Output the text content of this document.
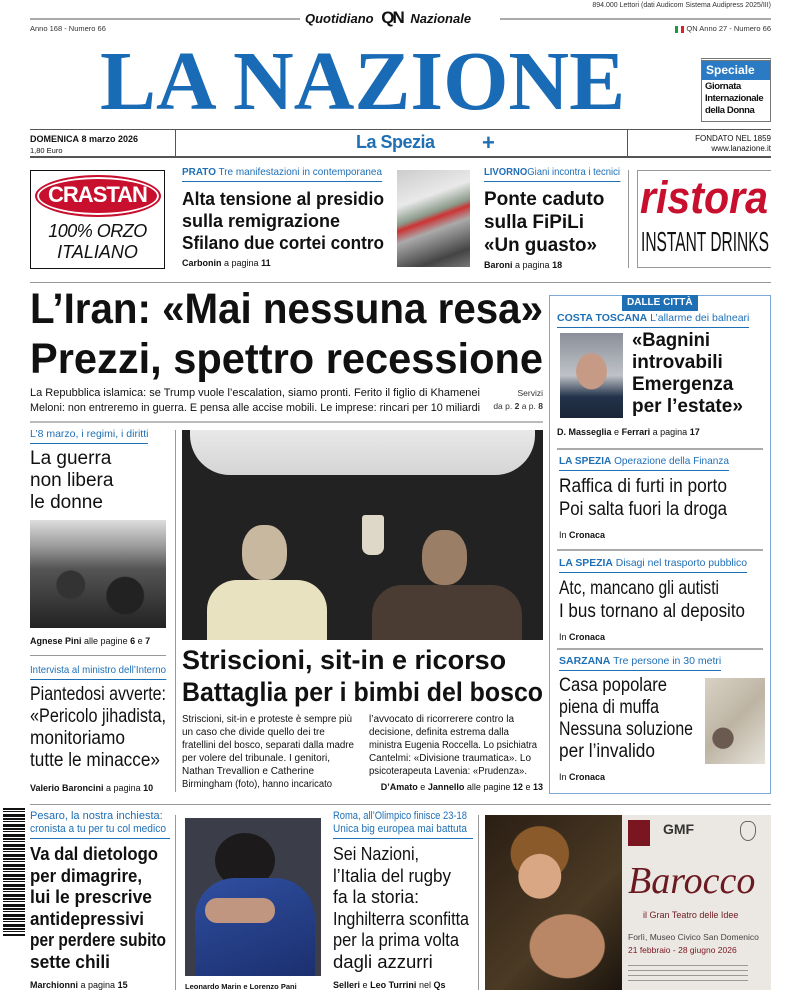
894.000 Lettori (dati Audicom Sistema Audipress 2025/III)
Quotidiano QN Nazionale
Anno 168 - Numero 66	QN Anno 27 - Numero 66
LA NAZIONE	Speciale
Giornata
Internazionale
della Donna
DOMENICA 8 marzo 2026
1,80 Euro	La Spezia +	FONDATO NEL 1859
www.lanazione.it
CRASTAN
100% ORZO
ITALIANO
PRATO Tre manifestazioni in contemporanea
Alta tensione al presidio
sulla remigrazione
Sfilano due cortei contro
Carbonin a pagina 11
LIVORNOGiani incontra i tecnici
Ponte caduto
sulla FiPiLi
«Un guasto»
Baroni a pagina 18
ristora
INSTANT DRINKS
L’Iran: «Mai nessuna resa»
Prezzi, spettro recessione
La Repubblica islamica: se Trump vuole l’escalation, siamo pronti. Ferito il figlio di Khamenei
Meloni: non entreremo in guerra. E pensa alle accise mobili. Le imprese: rincari per 10 miliardi
Servizi
da p. 2 a p. 8
L’8 marzo, i regimi, i diritti
La guerra
non libera
le donne
Agnese Pini alle pagine 6 e 7
Intervista al ministro dell’Interno
Piantedosi avverte:
«Pericolo jihadista,
monitoriamo
tutte le minacce»
Valerio Baroncini a pagina 10
Striscioni, sit-in e ricorso
Battaglia per i bimbi del bosco
Striscioni, sit-in e proteste è sempre più
un caso che divide quello dei tre
fratellini del bosco, separati dalla madre
per volere del tribunale. I genitori,
Nathan Trevallion e Catherine
Birmingham (foto), hanno incaricato
l’avvocato di ricorrerere contro la
decisione, definita estrema dalla
ministra Eugenia Roccella. Lo psichiatra
Cantelmi: «Divisione traumatica». Lo
psicoterapeuta Lavenia: «Prudenza».
D’Amato e Jannello alle pagine 12 e 13
DALLE CITTÀ
COSTA TOSCANA L’allarme dei balneari
«Bagnini
introvabili
Emergenza
per l’estate»
D. Masseglia e Ferrari a pagina 17
LA SPEZIA Operazione della Finanza
Raffica di furti in porto
Poi salta fuori la droga
In Cronaca
LA SPEZIA Disagi nel trasporto pubblico
Atc, mancano gli autisti
I bus tornano al deposito
In Cronaca
SARZANA Tre persone in 30 metri
Casa popolare
piena di muffa
Nessuna soluzione
per l’invalido
In Cronaca
Pesaro, la nostra inchiesta:
cronista a tu per tu col medico
Va dal dietologo
per dimagrire,
lui le prescrive
antidepressivi
per perdere subito
sette chili
Marchionni a pagina 15	Leonardo Marin e Lorenzo Pani
Roma, all’Olimpico finisce 23-18
Unica big europea mai battuta
Sei Nazioni,
l’Italia del rugby
fa la storia:
Inghilterra sconfitta
per la prima volta
dagli azzurri
Selleri e Leo Turrini nel Qs
GMF
Barocco
il Gran Teatro delle Idee
Forlì, Museo Civico San Domenico
21 febbraio - 28 giugno 2026
